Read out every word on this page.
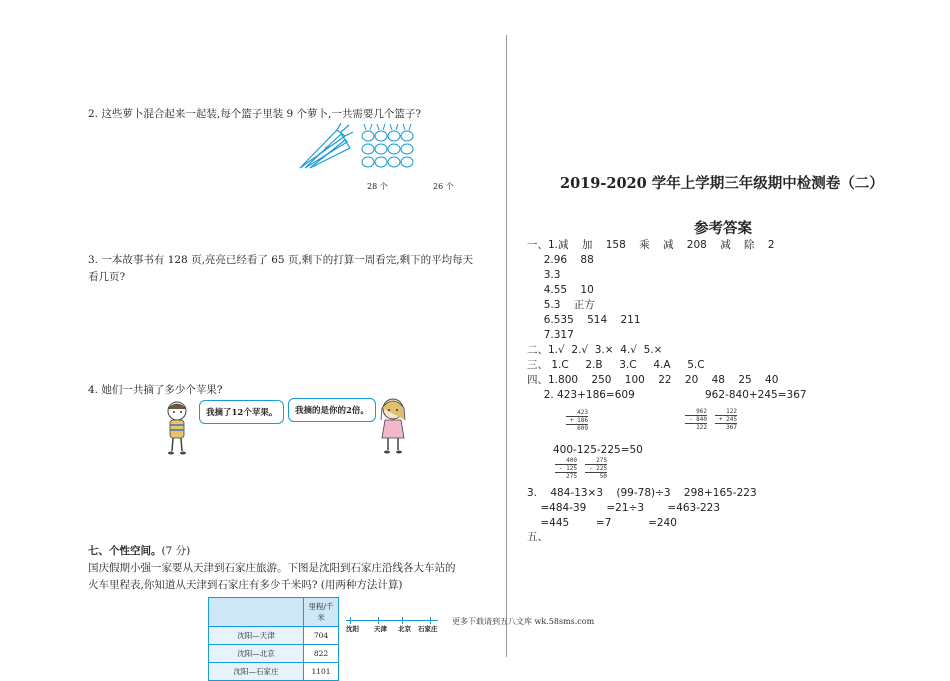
2. 这些萝卜混合起来一起装,每个篮子里装 9 个萝卜,一共需要几个篮子?
28 个	26 个
3. 一本故事书有 128 页,亮亮已经看了 65 页,剩下的打算一周看完,剩下的平均每天
看几页?
4. 她们一共摘了多少个苹果?
我摘了12个苹果。	我摘的是你的2倍。
七、个性空间。(7 分)
国庆假期小强一家要从天津到石家庄旅游。下图是沈阳到石家庄沿线各大车站的
火车里程表,你知道从天津到石家庄有多少千米吗? (用两种方法计算)
	里程/千米
沈阳—天津	704
沈阳—北京	822
沈阳—石家庄	1101
沈阳 天津 北京 石家庄
更多下载请到五八文库 wk.58sms.com
2019-2020 学年上学期三年级期中检测卷（二）
参考答案
一、1.减    加    158    乘    减    208    减    除    2
2.96    88
3.3
4.55    10
5.3    正方
6.535    514    211
7.317
二、1.√  2.√  3.×  4.√  5.×
三、 1.C     2.B     3.C     4.A     5.C
四、1.800    250    100    22    20    48    25    40
2. 423+186=609	962-840+245=367
423
+ 186
609
962
- 840
122
122
+ 245
367
400-125-225=50
400
- 125
275
275
- 225
50
3.    484-13×3    (99-78)÷3    298+165-223
=484-39      =21÷3       =463-223
=445        =7           =240
五、
